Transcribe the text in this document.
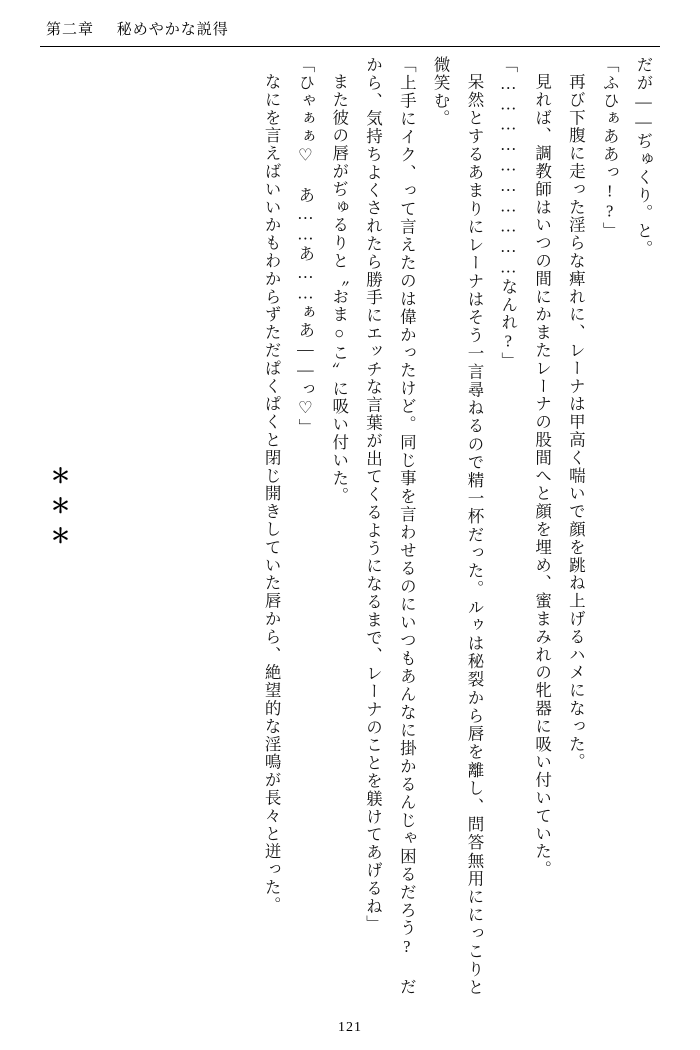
第二章 秘めやかな説得

だが――ぢゅくり。と。

「ふひぁああっ!?」

再び下腹に走った淫らな痺れに、レーナは甲高く喘いで顔を跳ね上げるハメになった。

見れば、調教師はいつの間にかまたレーナの股間へと顔を埋め、蜜まみれの牝器に吸い付いていた。

「…………………………なんれ?」

呆然とするあまりにレーナはそう一言尋ねるので精一杯だった。ルゥは秘裂から唇を離し、問答無用ににっこりと微笑む。

「上手にイク、って言えたのは偉かったけど。同じ事を言わせるのにいつもあんなに掛かるんじゃ困るだろう? だから、気持ちよくされたら勝手にエッチな言葉が出てくるようになるまで、レーナのことを躾けてあげるね」

また彼の唇がぢゅるりと〝おま○こ〟に吸い付いた。

「ひゃぁぁ♡ あ……あ……ぁあ――っ♡」

なにを言えばいいかもわからずただぱくぱくと閉じ開きしていた唇から、絶望的な淫鳴が長々と迸った。

＊＊＊
121
